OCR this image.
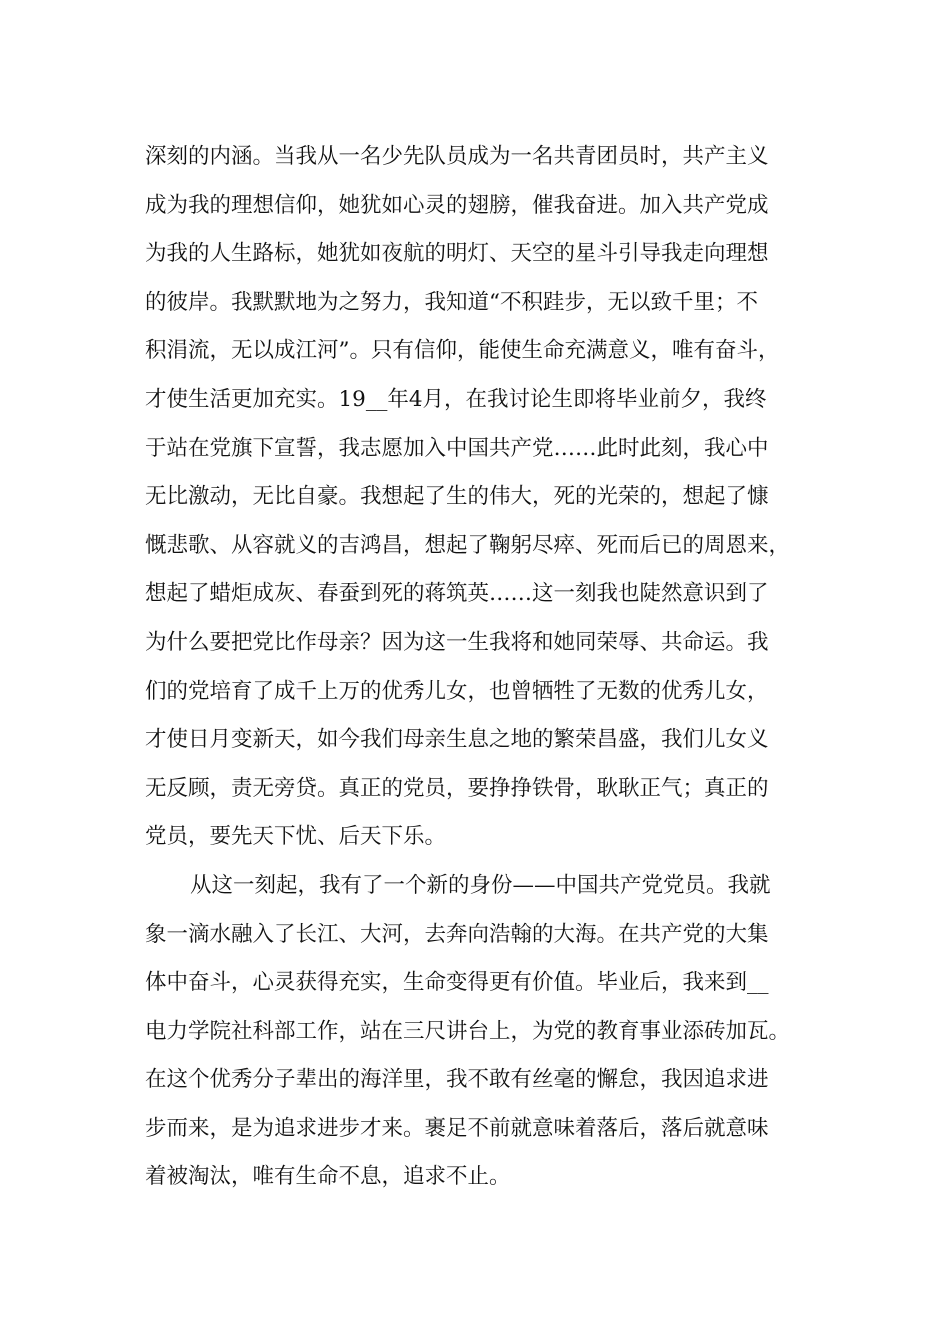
深刻的内涵。当我从一名少先队员成为一名共青团员时，共产主义
成为我的理想信仰，她犹如心灵的翅膀，催我奋进。加入共产党成
为我的人生路标，她犹如夜航的明灯、天空的星斗引导我走向理想
的彼岸。我默默地为之努力，我知道“不积跬步，无以致千里；不
积涓流，无以成江河”。只有信仰，能使生命充满意义，唯有奋斗，
才使生活更加充实。19__年4月，在我讨论生即将毕业前夕，我终
于站在党旗下宣誓，我志愿加入中国共产党……此时此刻，我心中
无比激动，无比自豪。我想起了生的伟大，死的光荣的，想起了慷
慨悲歌、从容就义的吉鸿昌，想起了鞠躬尽瘁、死而后已的周恩来，
想起了蜡炬成灰、春蚕到死的蒋筑英……这一刻我也陡然意识到了
为什么要把党比作母亲？因为这一生我将和她同荣辱、共命运。我
们的党培育了成千上万的优秀儿女，也曾牺牲了无数的优秀儿女，
才使日月变新天，如今我们母亲生息之地的繁荣昌盛，我们儿女义
无反顾，责无旁贷。真正的党员，要挣挣铁骨，耿耿正气；真正的
党员，要先天下忧、后天下乐。
从这一刻起，我有了一个新的身份——中国共产党党员。我就
象一滴水融入了长江、大河，去奔向浩翰的大海。在共产党的大集
体中奋斗，心灵获得充实，生命变得更有价值。毕业后，我来到__
电力学院社科部工作，站在三尺讲台上，为党的教育事业添砖加瓦。
在这个优秀分子辈出的海洋里，我不敢有丝毫的懈怠，我因追求进
步而来，是为追求进步才来。裹足不前就意味着落后，落后就意味
着被淘汰，唯有生命不息，追求不止。
